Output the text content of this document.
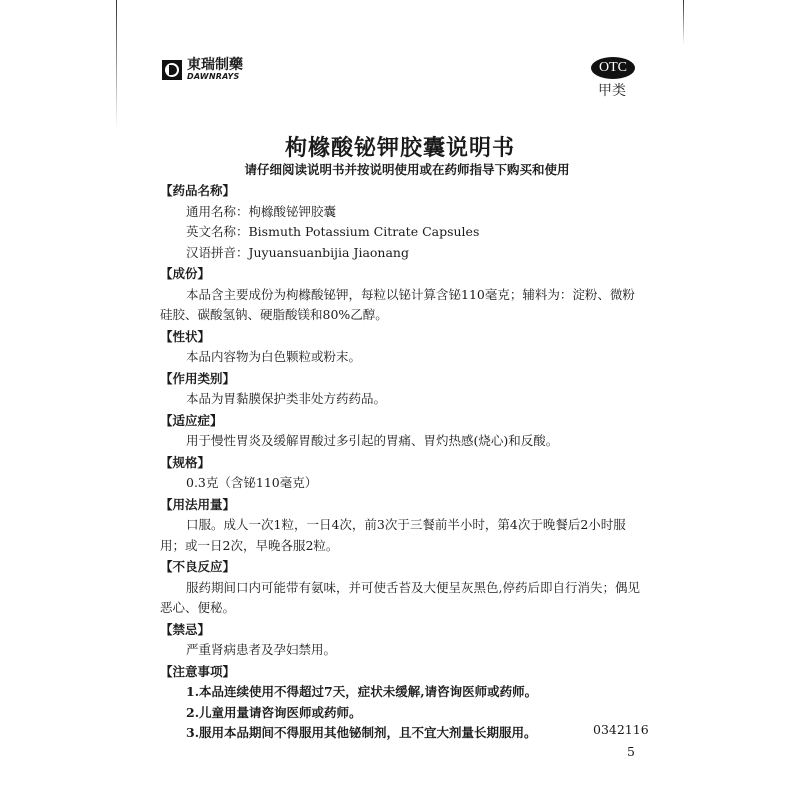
東瑞制藥
DAWNRAYS
OTC
甲类
枸橼酸铋钾胶囊说明书
请仔细阅读说明书并按说明使用或在药师指导下购买和使用
【药品名称】
通用名称：枸橼酸铋钾胶囊
英文名称：Bismuth Potassium Citrate Capsules
汉语拼音：Juyuansuanbijia Jiaonang
【成份】
本品含主要成份为枸橼酸铋钾，每粒以铋计算含铋110毫克；辅料为：淀粉、微粉硅胶、碳酸氢钠、硬脂酸镁和80%乙醇。
【性状】
本品内容物为白色颗粒或粉末。
【作用类别】
本品为胃黏膜保护类非处方药药品。
【适应症】
用于慢性胃炎及缓解胃酸过多引起的胃痛、胃灼热感(烧心)和反酸。
【规格】
0.3克（含铋110毫克）
【用法用量】
口服。成人一次1粒，一日4次，前3次于三餐前半小时，第4次于晚餐后2小时服用；或一日2次，早晚各服2粒。
【不良反应】
服药期间口内可能带有氨味，并可使舌苔及大便呈灰黑色,停药后即自行消失；偶见恶心、便秘。
【禁忌】
严重肾病患者及孕妇禁用。
【注意事项】
1.本品连续使用不得超过7天，症状未缓解,请咨询医师或药师。
2.儿童用量请咨询医师或药师。
3.服用本品期间不得服用其他铋制剂，且不宜大剂量长期服用。	0342116
5
